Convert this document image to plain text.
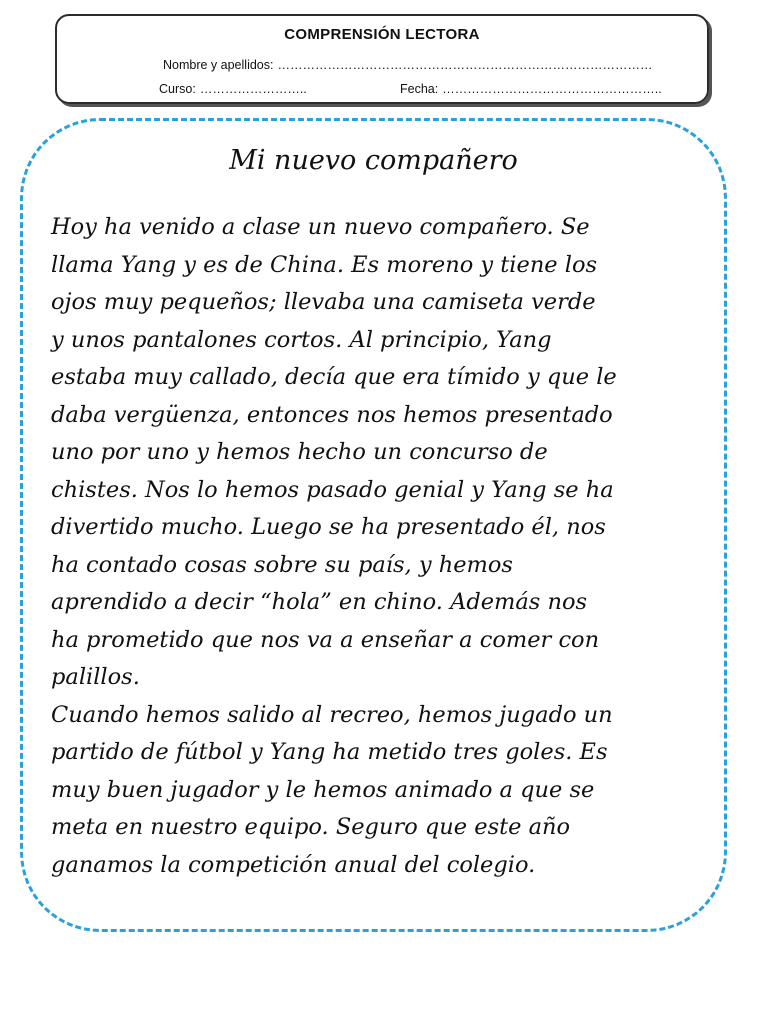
COMPRENSIÓN LECTORA
Nombre y apellidos: ………………………………………………………………………………
Curso: ……………………..	Fecha: ……………………………………………..
Mi nuevo compañero
Hoy ha venido a clase un nuevo compañero. Se
llama Yang y es de China. Es moreno y tiene los
ojos muy pequeños; llevaba una camiseta verde
y unos pantalones cortos. Al principio, Yang
estaba muy callado, decía que era tímido y que le
daba vergüenza, entonces nos hemos presentado
uno por uno y hemos hecho un concurso de
chistes. Nos lo hemos pasado genial y Yang se ha
divertido mucho. Luego se ha presentado él, nos
ha contado cosas sobre su país, y hemos
aprendido a decir “hola” en chino. Además nos
ha prometido que nos va a enseñar a comer con
palillos.
Cuando hemos salido al recreo, hemos jugado un
partido de fútbol y Yang ha metido tres goles. Es
muy buen jugador y le hemos animado a que se
meta en nuestro equipo. Seguro que este año
ganamos la competición anual del colegio.
